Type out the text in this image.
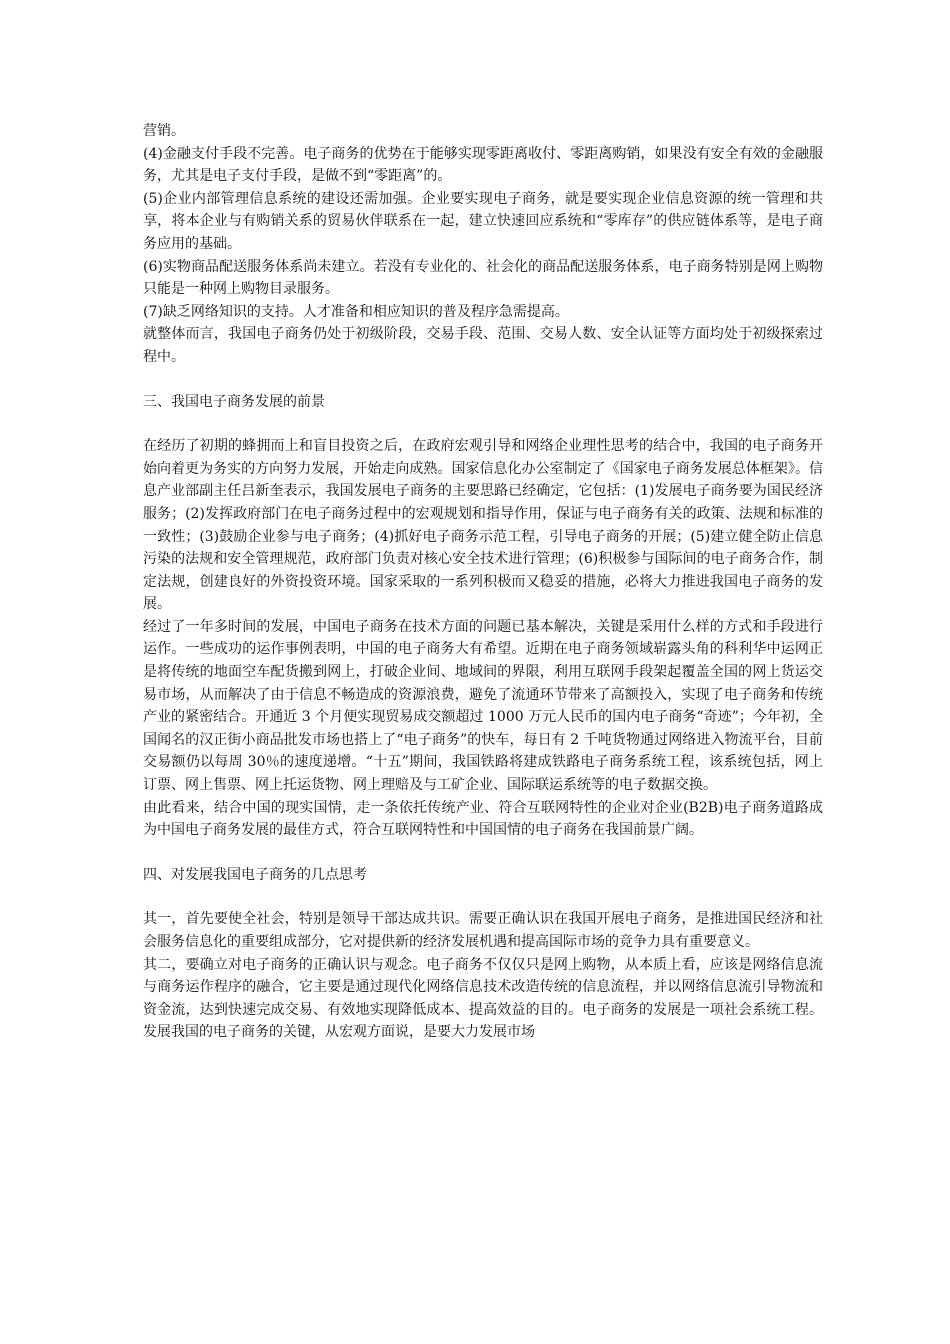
营销。

(4)金融支付手段不完善。电子商务的优势在于能够实现零距离收付、零距离购销，如果没有安全有效的金融服务，尤其是电子支付手段，是做不到“零距离”的。

(5)企业内部管理信息系统的建设还需加强。企业要实现电子商务，就是要实现企业信息资源的统一管理和共享，将本企业与有购销关系的贸易伙伴联系在一起，建立快速回应系统和“零库存”的供应链体系等，是电子商务应用的基础。

(6)实物商品配送服务体系尚未建立。若没有专业化的、社会化的商品配送服务体系，电子商务特别是网上购物只能是一种网上购物目录服务。

(7)缺乏网络知识的支持。人才准备和相应知识的普及程序急需提高。

就整体而言，我国电子商务仍处于初级阶段，交易手段、范围、交易人数、安全认证等方面均处于初级探索过程中。

三、我国电子商务发展的前景

在经历了初期的蜂拥而上和盲目投资之后，在政府宏观引导和网络企业理性思考的结合中，我国的电子商务开始向着更为务实的方向努力发展，开始走向成熟。国家信息化办公室制定了《国家电子商务发展总体框架》。信息产业部副主任吕新奎表示，我国发展电子商务的主要思路已经确定，它包括：(1)发展电子商务要为国民经济服务；(2)发挥政府部门在电子商务过程中的宏观规划和指导作用，保证与电子商务有关的政策、法规和标准的一致性；(3)鼓励企业参与电子商务；(4)抓好电子商务示范工程，引导电子商务的开展；(5)建立健全防止信息污染的法规和安全管理规范，政府部门负责对核心安全技术进行管理；(6)积极参与国际间的电子商务合作，制定法规，创建良好的外资投资环境。国家采取的一系列积极而又稳妥的措施，必将大力推进我国电子商务的发展。

经过了一年多时间的发展，中国电子商务在技术方面的问题已基本解决，关键是采用什么样的方式和手段进行运作。一些成功的运作事例表明，中国的电子商务大有希望。近期在电子商务领域崭露头角的科利华中运网正是将传统的地面空车配货搬到网上，打破企业间、地域间的界限，利用互联网手段架起覆盖全国的网上货运交易市场，从而解决了由于信息不畅造成的资源浪费，避免了流通环节带来了高额投入，实现了电子商务和传统产业的紧密结合。开通近 3 个月便实现贸易成交额超过 1000 万元人民币的国内电子商务“奇迹”；今年初，全国闻名的汉正街小商品批发市场也搭上了“电子商务”的快车，每日有 2 千吨货物通过网络进入物流平台，目前交易额仍以每周 30％的速度递增。“十五”期间，我国铁路将建成铁路电子商务系统工程，该系统包括，网上订票、网上售票、网上托运货物、网上理赔及与工矿企业、国际联运系统等的电子数据交换。

由此看来，结合中国的现实国情，走一条依托传统产业、符合互联网特性的企业对企业(B2B)电子商务道路成为中国电子商务发展的最佳方式，符合互联网特性和中国国情的电子商务在我国前景广阔。

四、对发展我国电子商务的几点思考

其一，首先要使全社会，特别是领导干部达成共识。需要正确认识在我国开展电子商务，是推进国民经济和社会服务信息化的重要组成部分，它对提供新的经济发展机遇和提高国际市场的竞争力具有重要意义。

其二，要确立对电子商务的正确认识与观念。电子商务不仅仅只是网上购物，从本质上看，应该是网络信息流与商务运作程序的融合，它主要是通过现代化网络信息技术改造传统的信息流程，并以网络信息流引导物流和资金流，达到快速完成交易、有效地实现降低成本、提高效益的目的。电子商务的发展是一项社会系统工程。发展我国的电子商务的关键，从宏观方面说，是要大力发展市场
